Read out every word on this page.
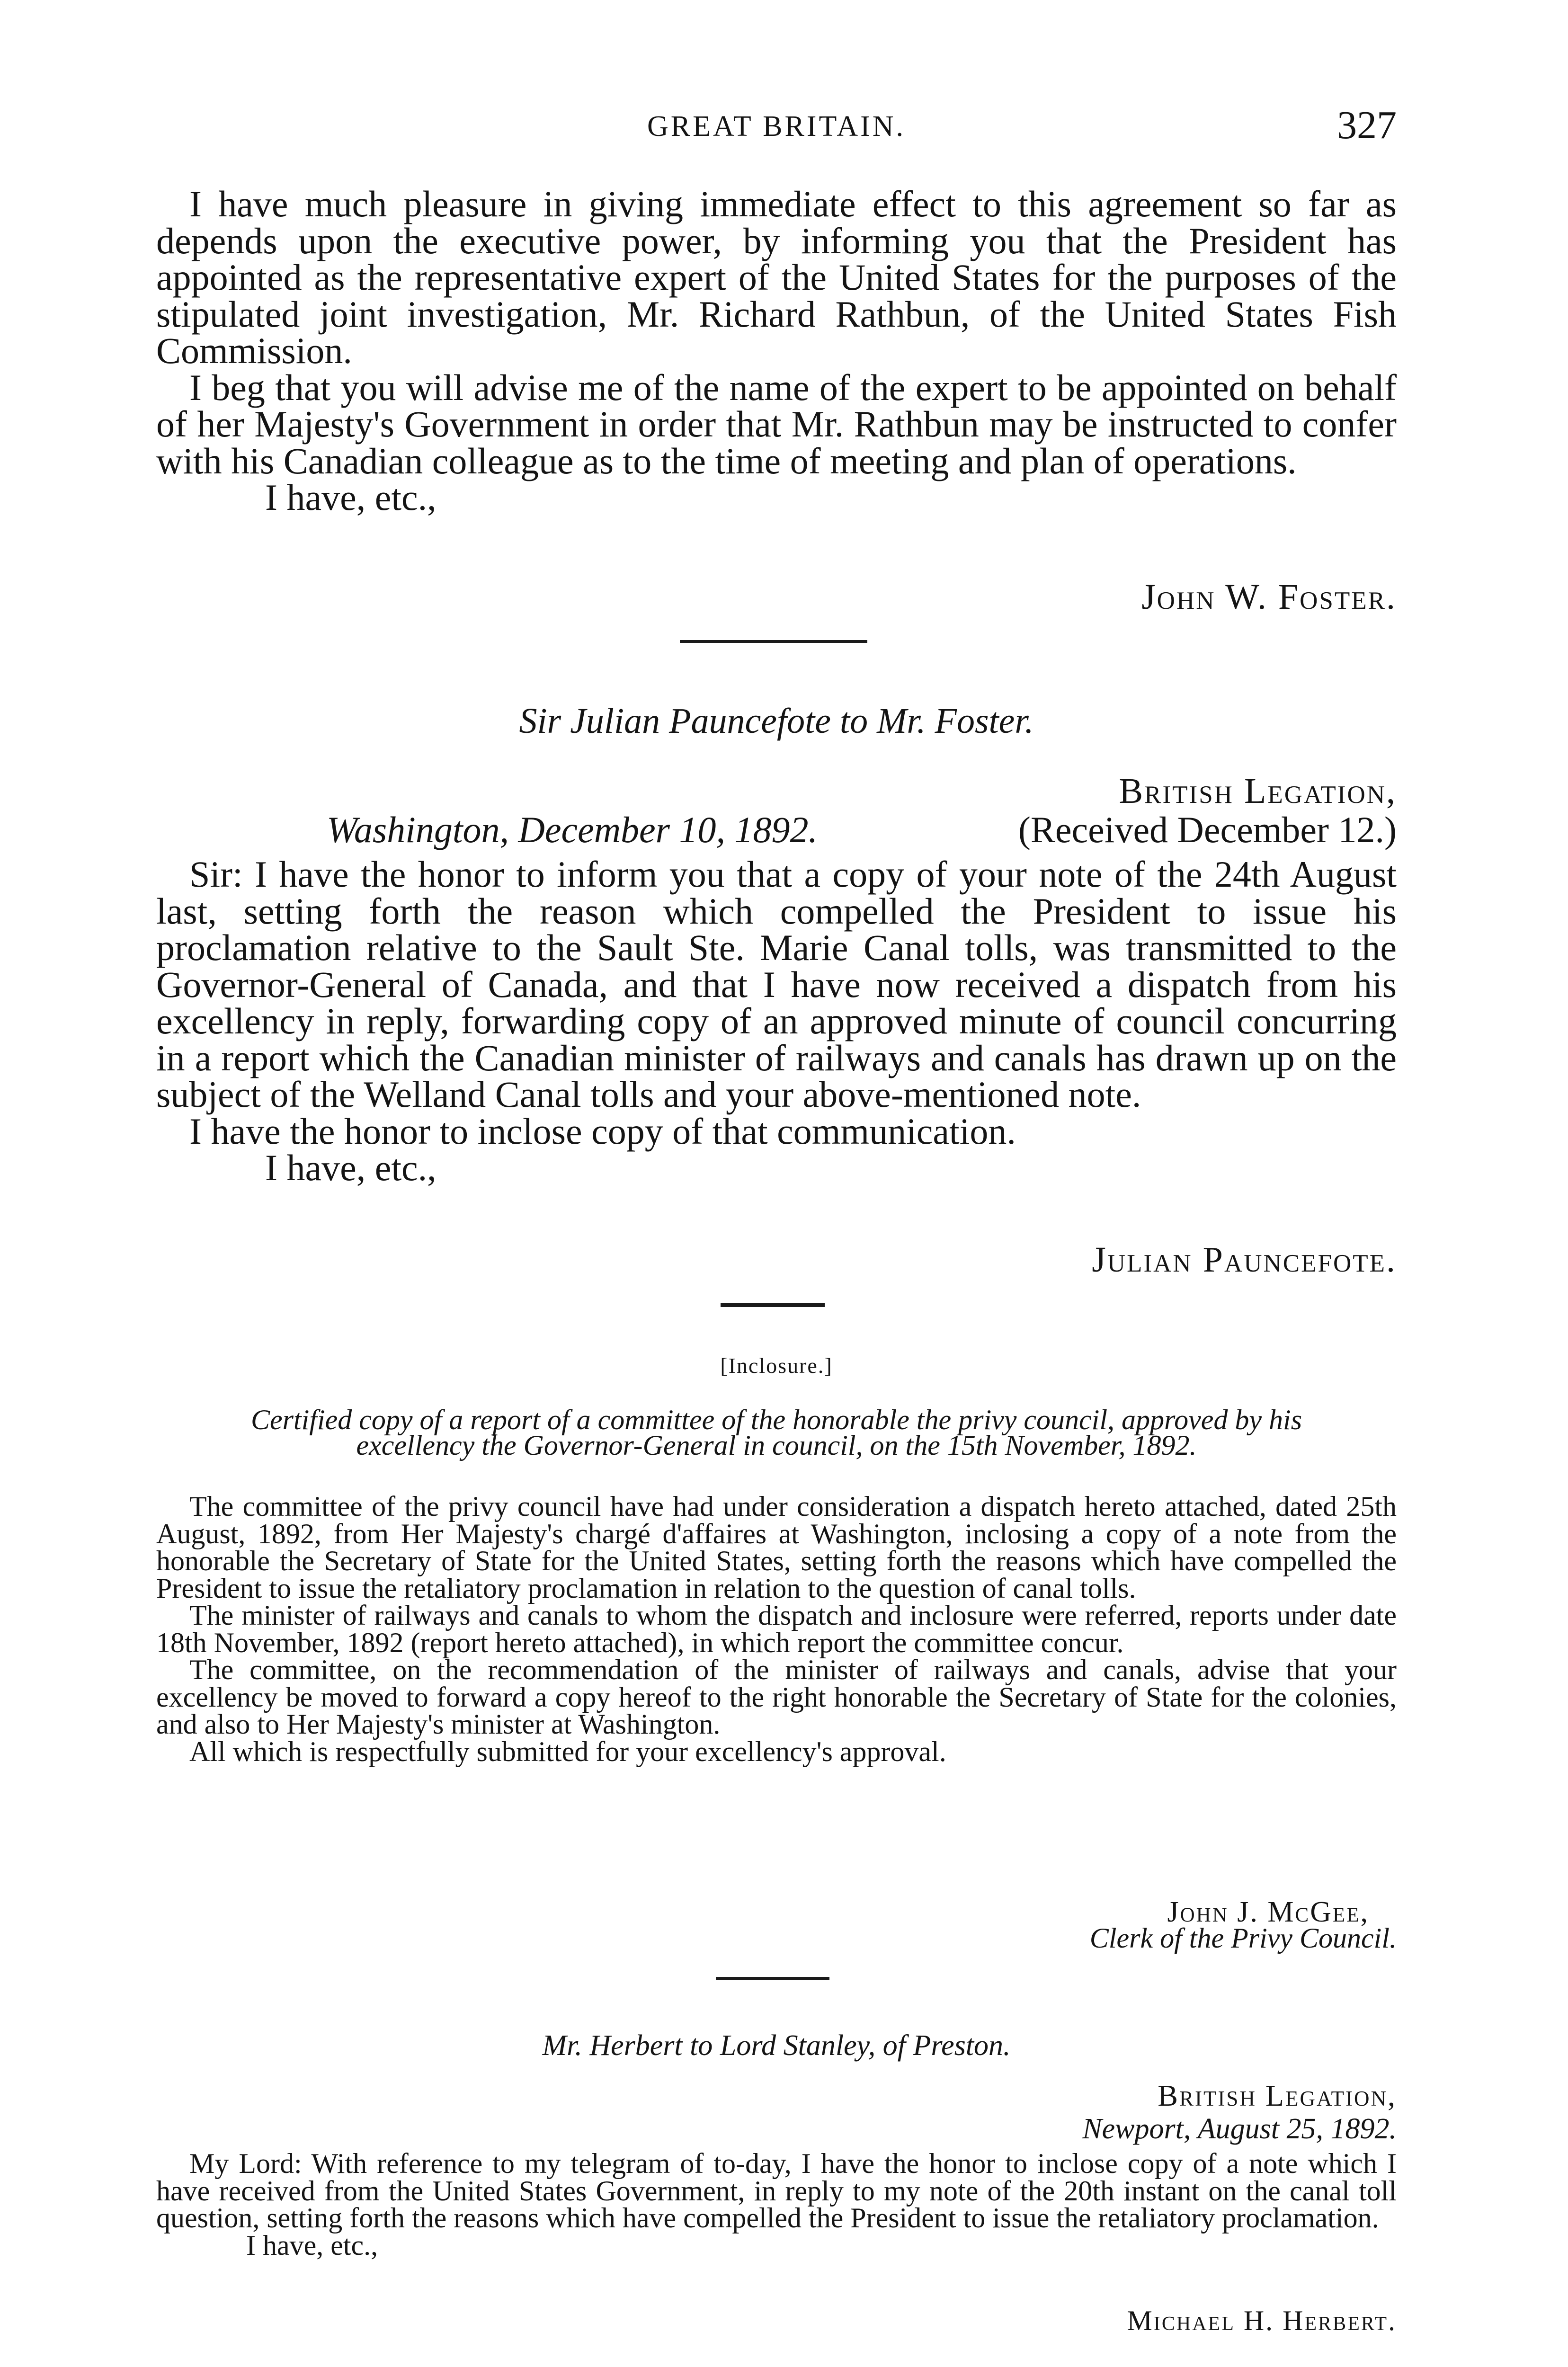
GREAT BRITAIN.	327

I have much pleasure in giving immediate effect to this agreement so far as depends upon the executive power, by informing you that the President has appointed as the representative expert of the United States for the purposes of the stipulated joint investigation, Mr. Richard Rathbun, of the United States Fish Commission.

I beg that you will advise me of the name of the expert to be appointed on behalf of her Majesty's Government in order that Mr. Rathbun may be instructed to confer with his Canadian colleague as to the time of meeting and plan of operations.

I have, etc.,

John W. Foster.
Sir Julian Pauncefote to Mr. Foster.
British Legation,
Washington, December 10, 1892.	(Received December 12.)

Sir: I have the honor to inform you that a copy of your note of the 24th August last, setting forth the reason which compelled the President to issue his proclamation relative to the Sault Ste. Marie Canal tolls, was transmitted to the Governor-General of Canada, and that I have now received a dispatch from his excellency in reply, forwarding copy of an approved minute of council concurring in a report which the Canadian minister of railways and canals has drawn up on the subject of the Welland Canal tolls and your above-mentioned note.

I have the honor to inclose copy of that communication.

I have, etc.,

Julian Pauncefote.
[Inclosure.]
Certified copy of a report of a committee of the honorable the privy council, approved by his excellency the Governor-General in council, on the 15th November, 1892.

The committee of the privy council have had under consideration a dispatch hereto attached, dated 25th August, 1892, from Her Majesty's chargé d'affaires at Washington, inclosing a copy of a note from the honorable the Secretary of State for the United States, setting forth the reasons which have compelled the President to issue the retaliatory proclamation in relation to the question of canal tolls.

The minister of railways and canals to whom the dispatch and inclosure were referred, reports under date 18th November, 1892 (report hereto attached), in which report the committee concur.

The committee, on the recommendation of the minister of railways and canals, advise that your excellency be moved to forward a copy hereof to the right honorable the Secretary of State for the colonies, and also to Her Majesty's minister at Washington.

All which is respectfully submitted for your excellency's approval.

John J. McGee,
Clerk of the Privy Council.
Mr. Herbert to Lord Stanley, of Preston.
British Legation,
Newport, August 25, 1892.

My Lord: With reference to my telegram of to-day, I have the honor to inclose copy of a note which I have received from the United States Government, in reply to my note of the 20th instant on the canal toll question, setting forth the reasons which have compelled the President to issue the retaliatory proclamation.

I have, etc.,

Michael H. Herbert.
